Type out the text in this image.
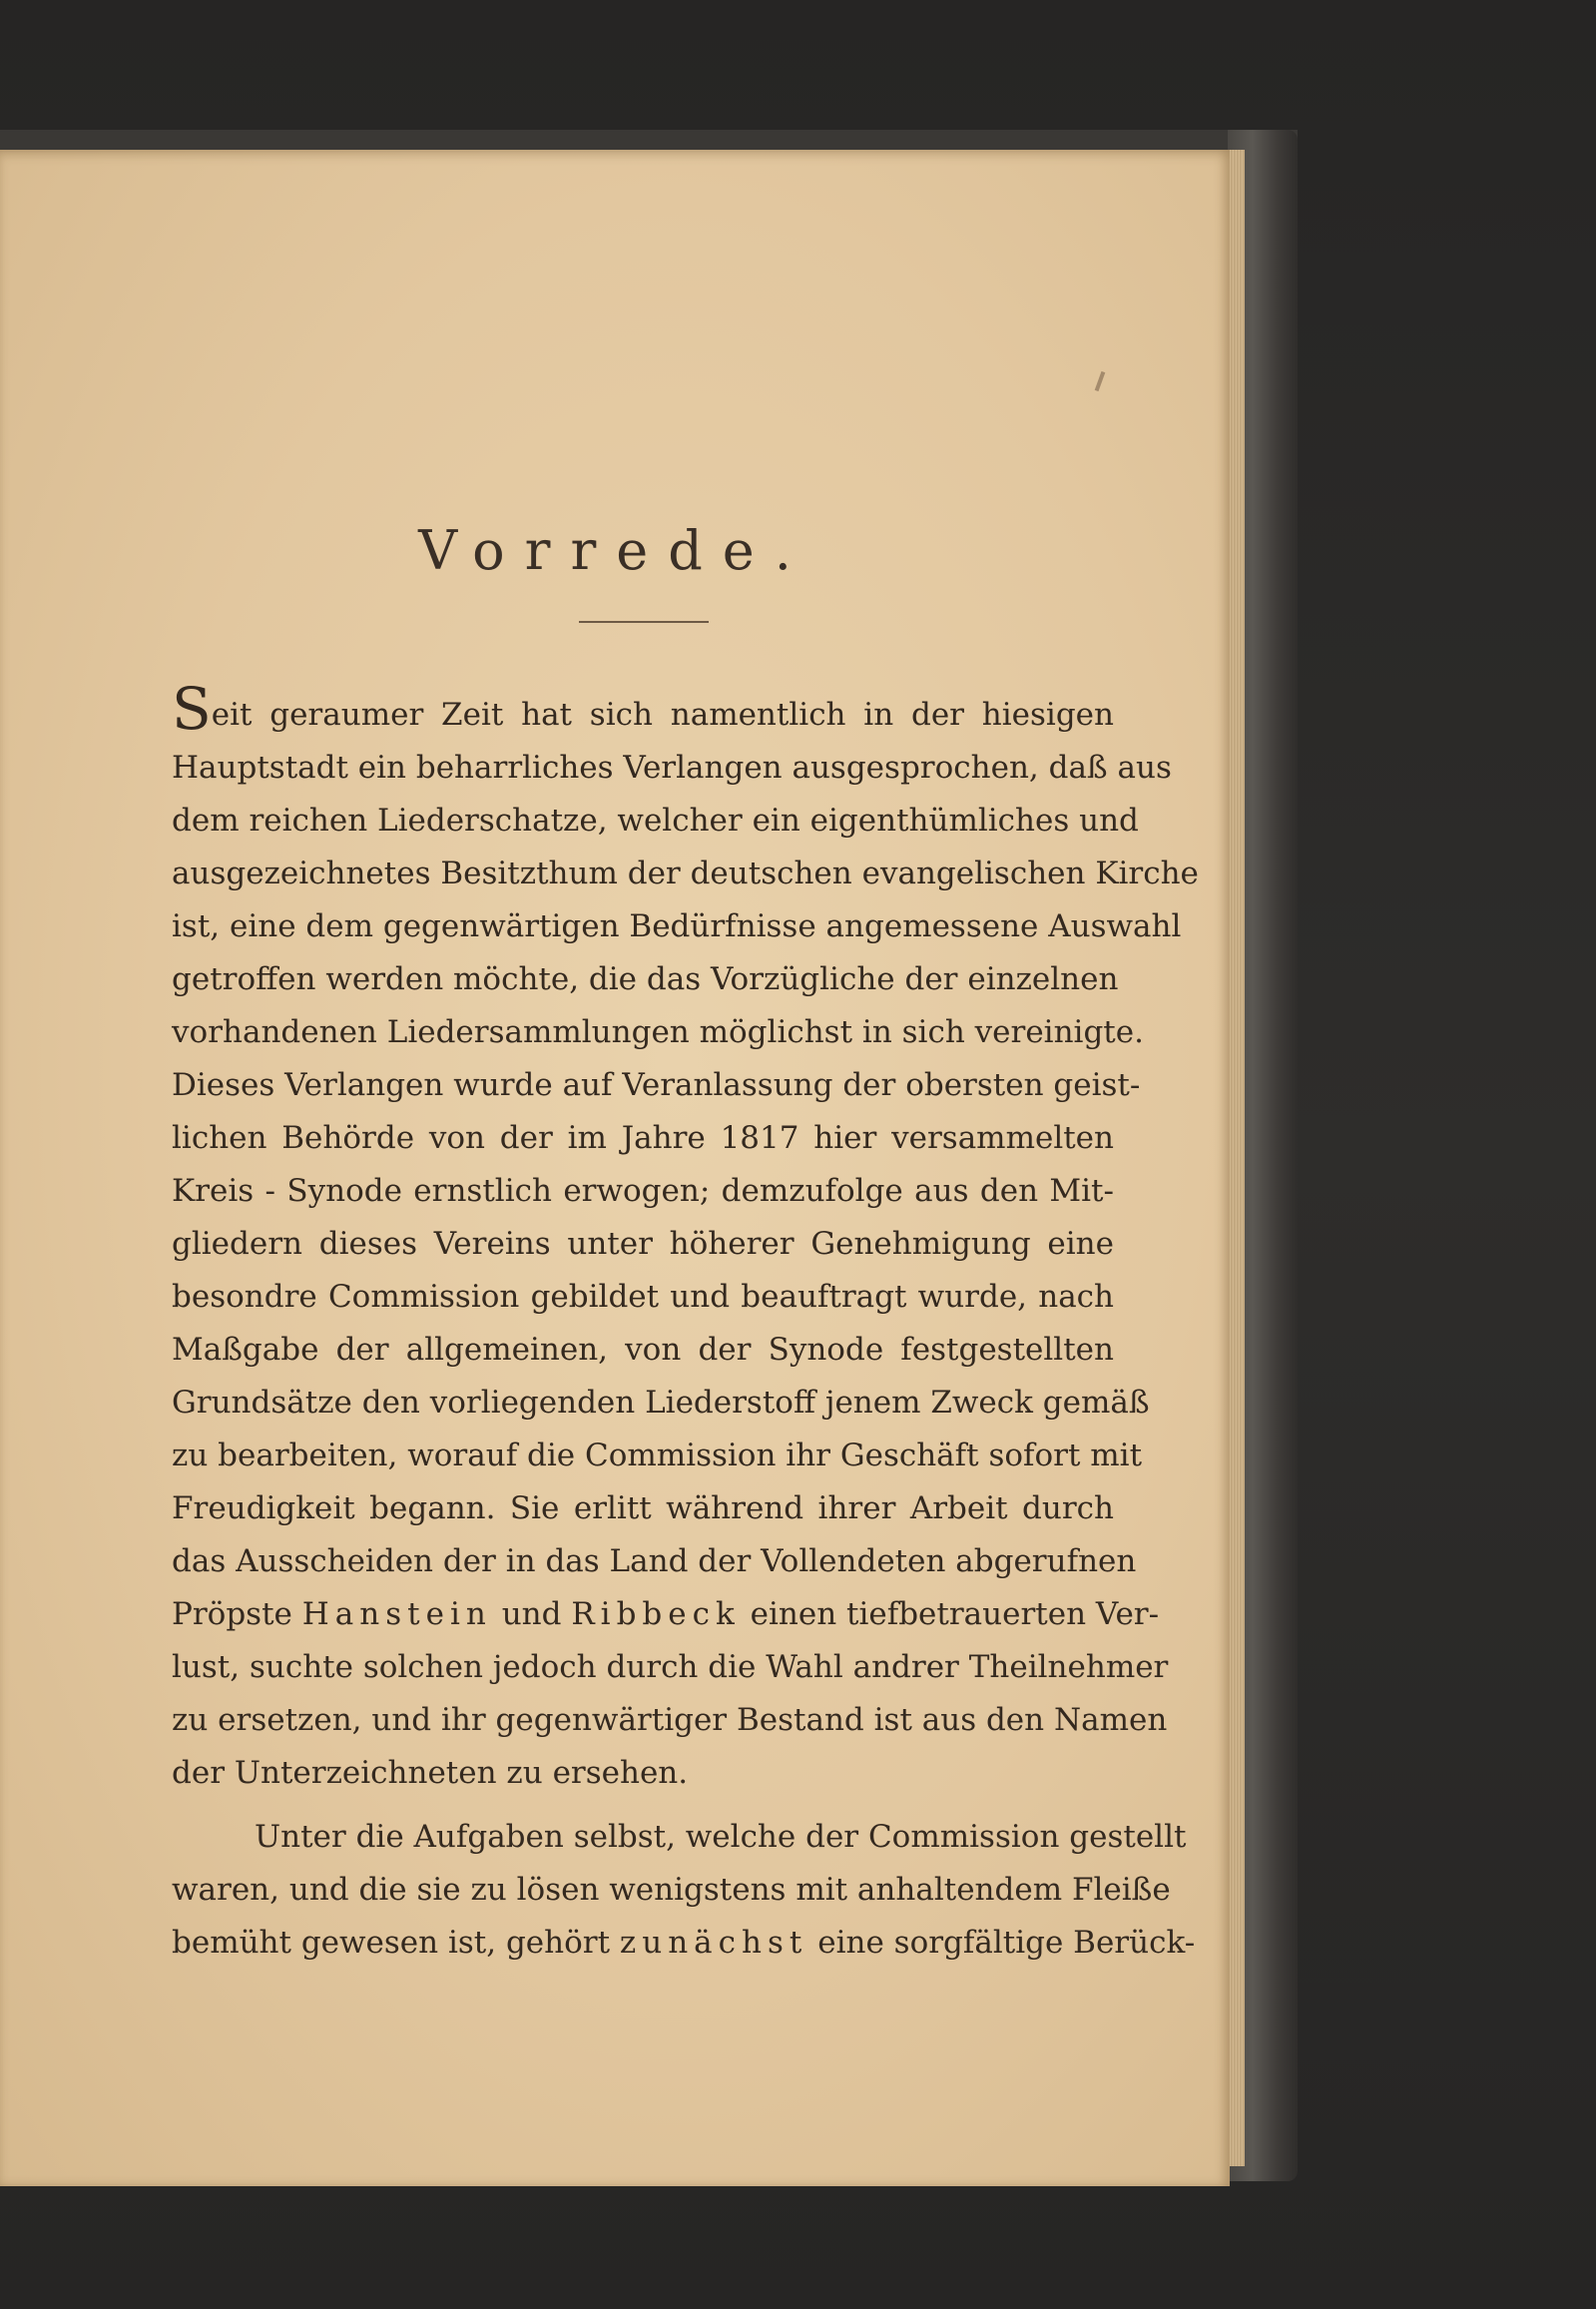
Vorrede.
Seit geraumer Zeit hat sich namentlich in der hiesigen
Hauptstadt ein beharrliches Verlangen ausgesprochen, daß aus
dem reichen Liederschatze, welcher ein eigenthümliches und
ausgezeichnetes Besitzthum der deutschen evangelischen Kirche
ist, eine dem gegenwärtigen Bedürfnisse angemessene Auswahl
getroffen werden möchte, die das Vorzügliche der einzelnen
vorhandenen Liedersammlungen möglichst in sich vereinigte.
Dieses Verlangen wurde auf Veranlassung der obersten geist-
lichen Behörde von der im Jahre 1817 hier versammelten
Kreis - Synode ernstlich erwogen; demzufolge aus den Mit-
gliedern dieses Vereins unter höherer Genehmigung eine
besondre Commission gebildet und beauftragt wurde, nach
Maßgabe der allgemeinen, von der Synode festgestellten
Grundsätze den vorliegenden Liederstoff jenem Zweck gemäß
zu bearbeiten, worauf die Commission ihr Geschäft sofort mit
Freudigkeit begann. Sie erlitt während ihrer Arbeit durch
das Ausscheiden der in das Land der Vollendeten abgerufnen
Pröpste Hanstein und Ribbeck einen tiefbetrauerten Ver-
lust, suchte solchen jedoch durch die Wahl andrer Theilnehmer
zu ersetzen, und ihr gegenwärtiger Bestand ist aus den Namen
der Unterzeichneten zu ersehen.
Unter die Aufgaben selbst, welche der Commission gestellt
waren, und die sie zu lösen wenigstens mit anhaltendem Fleiße
bemüht gewesen ist, gehört zunächst eine sorgfältige Berück-
